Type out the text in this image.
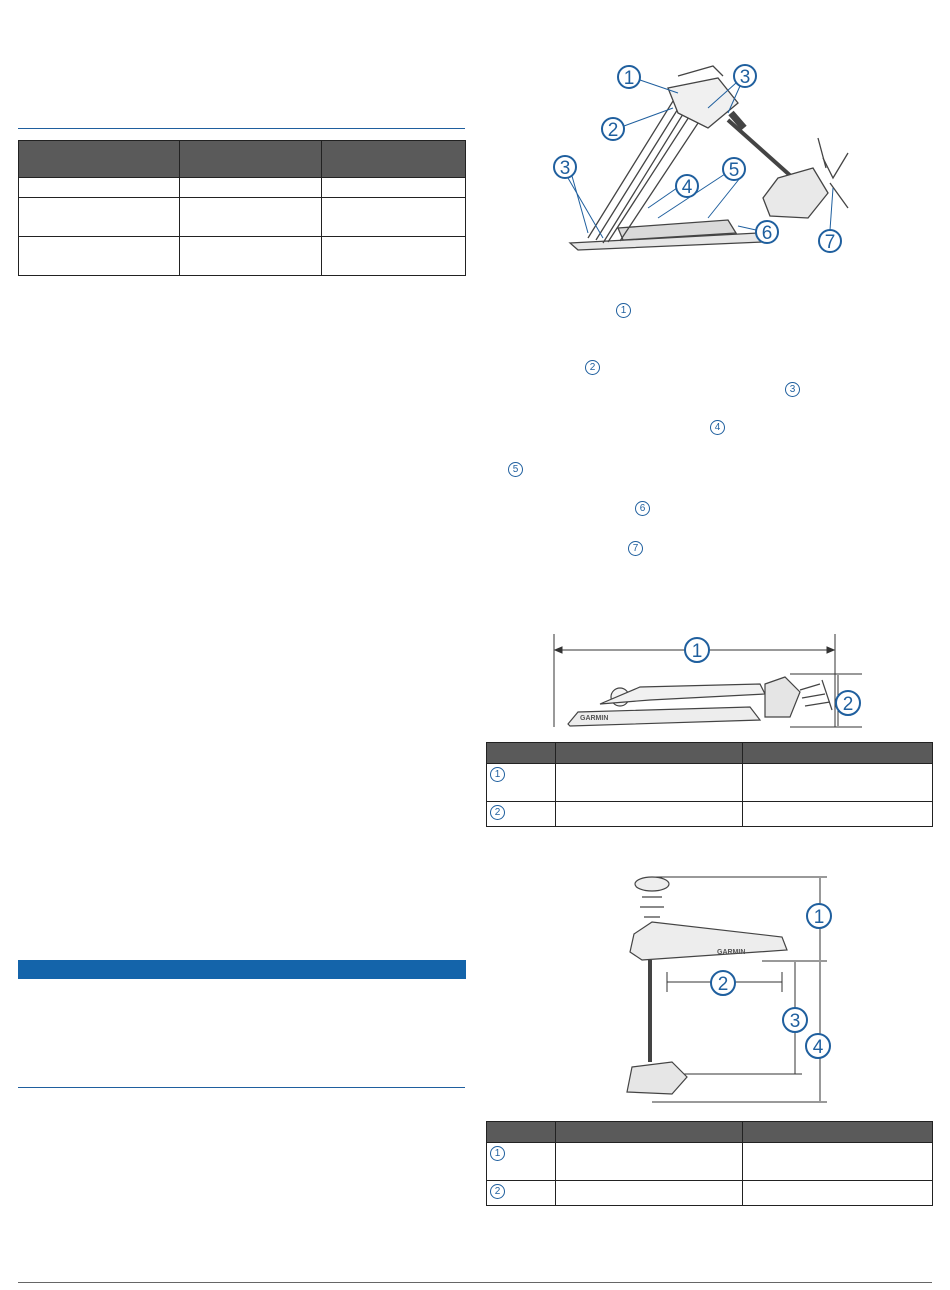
1	3
2
3
4
5
6	7
1
2
3
4
5
6
7
GARMIN
1
2

1		
2		
GARMIN
1
2
3
4

1		
2		
